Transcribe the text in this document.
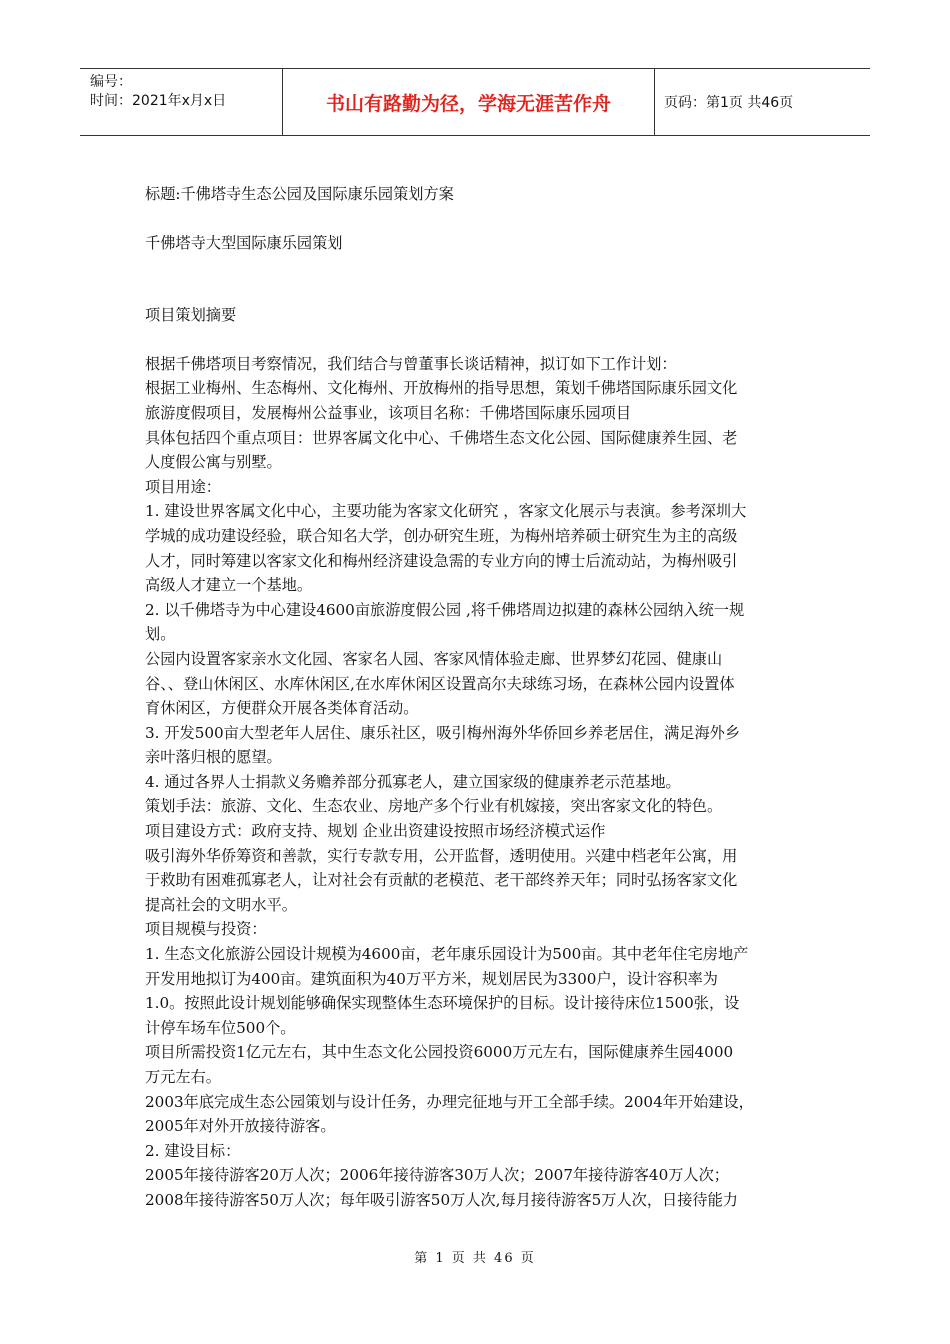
编号：
时间：2021年x月x日	书山有路勤为径，学海无涯苦作舟	页码：第1页 共46页

标题:千佛塔寺生态公园及国际康乐园策划方案

千佛塔寺大型国际康乐园策划

项目策划摘要

根据千佛塔项目考察情况，我们结合与曾董事长谈话精神，拟订如下工作计划：

根据工业梅州、生态梅州、文化梅州、开放梅州的指导思想，策划千佛塔国际康乐园文化

旅游度假项目，发展梅州公益事业，该项目名称：千佛塔国际康乐园项目

具体包括四个重点项目：世界客属文化中心、千佛塔生态文化公园、国际健康养生园、老

人度假公寓与别墅。

项目用途：

1. 建设世界客属文化中心，主要功能为客家文化研究 ，客家文化展示与表演。参考深圳大

学城的成功建设经验，联合知名大学，创办研究生班，为梅州培养硕士研究生为主的高级

人才，同时筹建以客家文化和梅州经济建设急需的专业方向的博士后流动站，为梅州吸引

高级人才建立一个基地。

2. 以千佛塔寺为中心建设4600亩旅游度假公园 ,将千佛塔周边拟建的森林公园纳入统一规

划。

公园内设置客家亲水文化园、客家名人园、客家风情体验走廊、世界梦幻花园、健康山

谷、、登山休闲区、水库休闲区,在水库休闲区设置高尔夫球练习场，在森林公园内设置体

育休闲区，方便群众开展各类体育活动。

3. 开发500亩大型老年人居住、康乐社区，吸引梅州海外华侨回乡养老居住，满足海外乡

亲叶落归根的愿望。

4. 通过各界人士捐款义务赡养部分孤寡老人，建立国家级的健康养老示范基地。

策划手法：旅游、文化、生态农业、房地产多个行业有机嫁接，突出客家文化的特色。

项目建设方式：政府支持、规划 企业出资建设按照市场经济模式运作

吸引海外华侨筹资和善款，实行专款专用，公开监督，透明使用。兴建中档老年公寓，用

于救助有困难孤寡老人，让对社会有贡献的老模范、老干部终养天年；同时弘扬客家文化

提高社会的文明水平。

项目规模与投资：

1. 生态文化旅游公园设计规模为4600亩，老年康乐园设计为500亩。其中老年住宅房地产

开发用地拟订为400亩。建筑面积为40万平方米，规划居民为3300户，设计容积率为

1.0。按照此设计规划能够确保实现整体生态环境保护的目标。设计接待床位1500张，设

计停车场车位500个。

项目所需投资1亿元左右，其中生态文化公园投资6000万元左右，国际健康养生园4000

万元左右。

2003年底完成生态公园策划与设计任务，办理完征地与开工全部手续。2004年开始建设，

2005年对外开放接待游客。

2. 建设目标：

2005年接待游客20万人次；2006年接待游客30万人次；2007年接待游客40万人次；

2008年接待游客50万人次；每年吸引游客50万人次,每月接待游客5万人次，日接待能力

第 1 页 共 46 页
